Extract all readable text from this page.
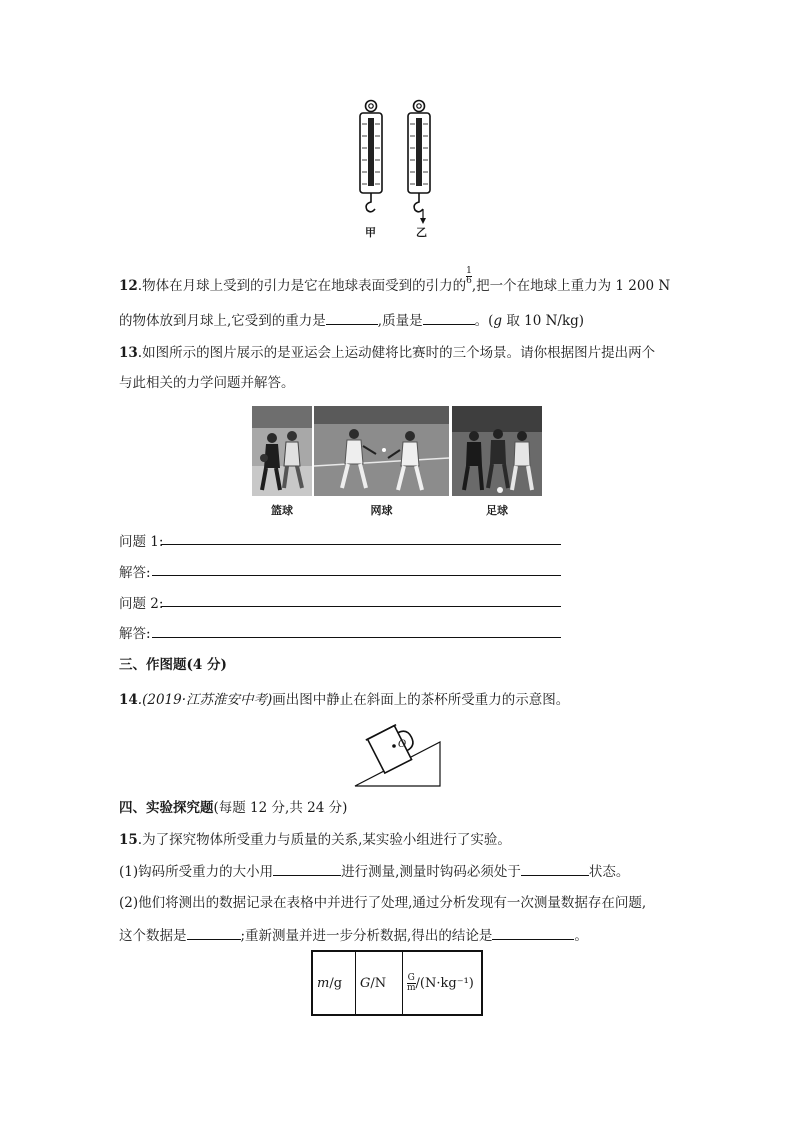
甲	乙
12.物体在月球上受到的引力是它在地球表面受到的引力的 $\frac{1}{6}$,把一个在地球上重力为 1 200 N
的物体放到月球上,它受到的重力是	,质量是	。(g 取 10 N/kg)
13.如图所示的图片展示的是亚运会上运动健将比赛时的三个场景。请你根据图片提出两个
与此相关的力学问题并解答。
篮球	网球	足球
问题 1:
解答:
问题 2:
解答:
三、作图题(4 分)
14.(2019·江苏淮安中考)画出图中静止在斜面上的茶杯所受重力的示意图。
O
四、实验探究题(每题 12 分,共 24 分)
15.为了探究物体所受重力与质量的关系,某实验小组进行了实验。
(1)钩码所受重力的大小用	进行测量,测量时钩码必须处于	状态。
(2)他们将测出的数据记录在表格中并进行了处理,通过分析发现有一次测量数据存在问题,
这个数据是	;重新测量并进一步分析数据,得出的结论是	。
m/g	G/N	$\frac{G}{m}/(N\cdot kg^{-1})$
